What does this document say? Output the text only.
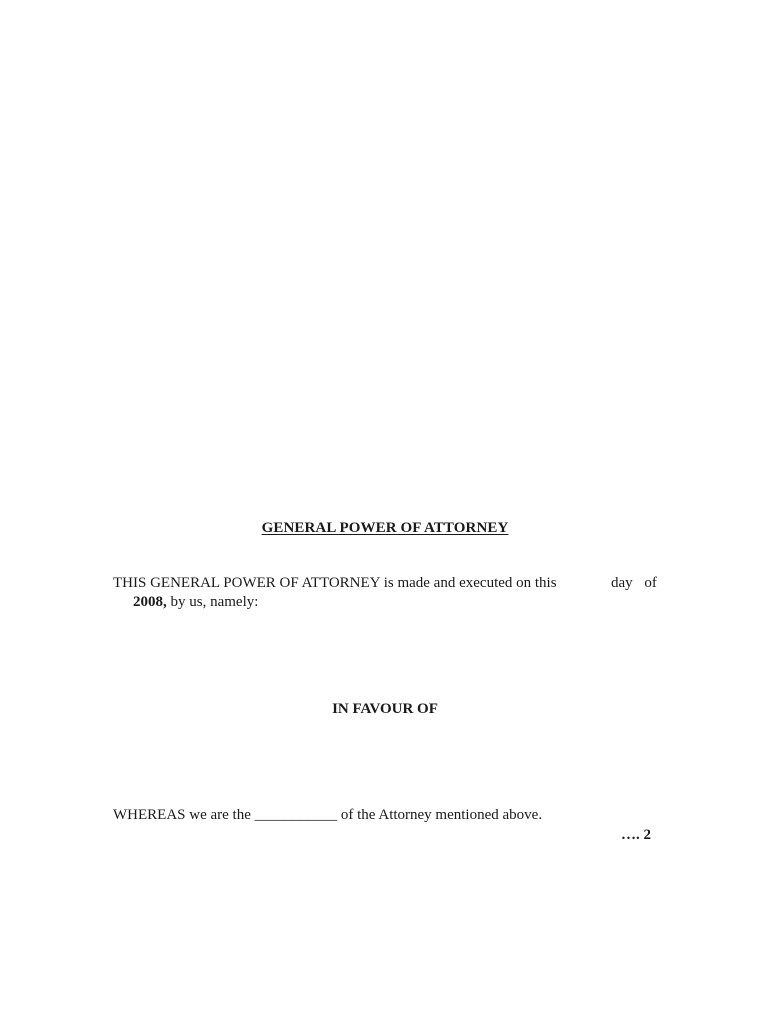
GENERAL POWER OF ATTORNEY
THIS GENERAL POWER OF ATTORNEY is made and executed on this	day of
2008, by us, namely:
IN FAVOUR OF
WHEREAS we are the ___________ of the Attorney mentioned above.
…. 2
